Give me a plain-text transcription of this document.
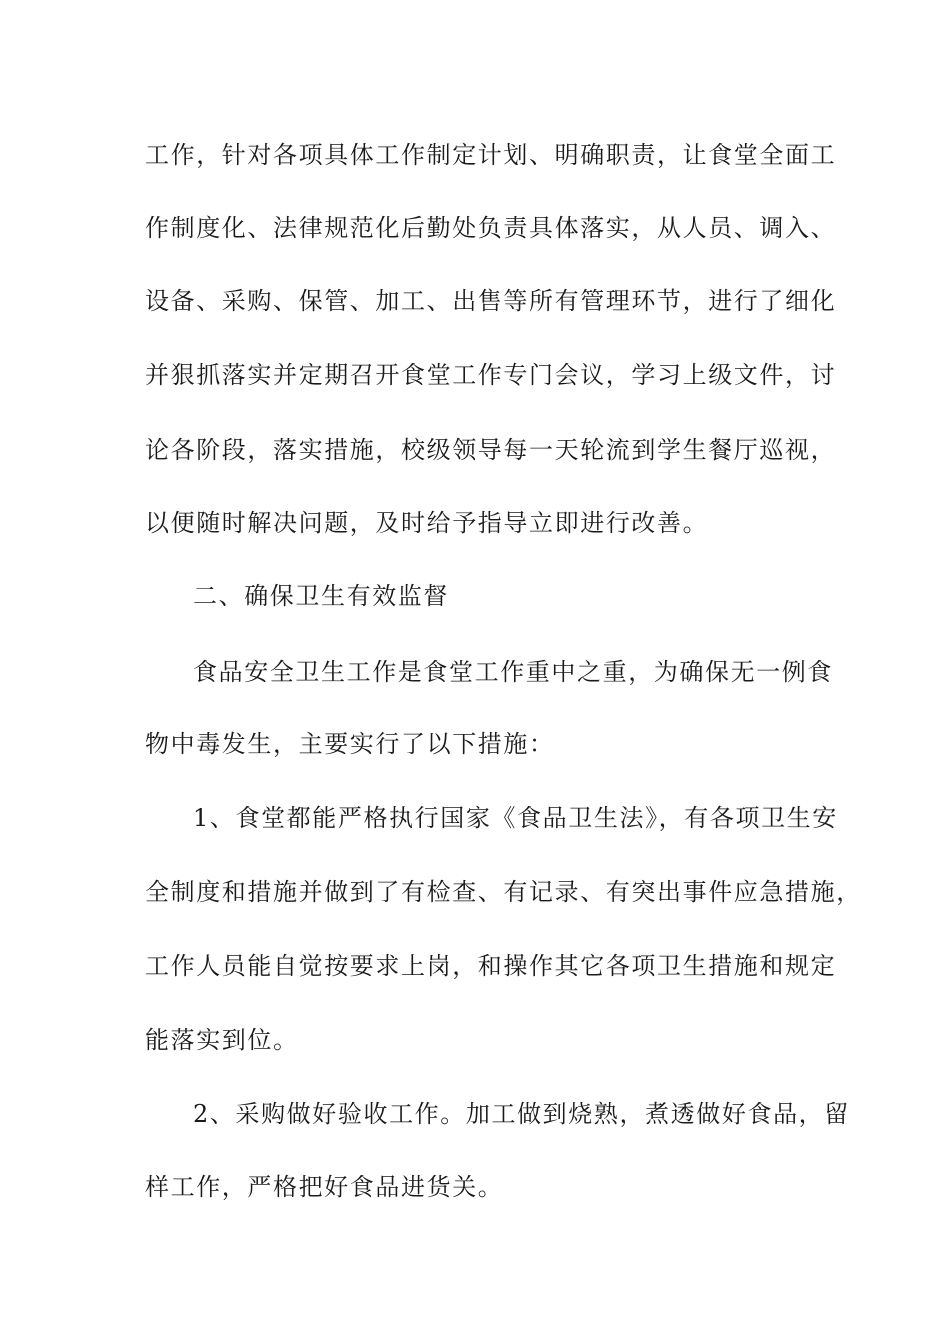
工作，针对各项具体工作制定计划、明确职责，让食堂全面工
作制度化、法律规范化后勤处负责具体落实，从人员、调入、
设备、采购、保管、加工、出售等所有管理环节，进行了细化
并狠抓落实并定期召开食堂工作专门会议，学习上级文件，讨
论各阶段，落实措施，校级领导每一天轮流到学生餐厅巡视，
以便随时解决问题，及时给予指导立即进行改善。
二、确保卫生有效监督
食品安全卫生工作是食堂工作重中之重，为确保无一例食
物中毒发生，主要实行了以下措施：
1、食堂都能严格执行国家《食品卫生法》，有各项卫生安
全制度和措施并做到了有检查、有记录、有突出事件应急措施，
工作人员能自觉按要求上岗，和操作其它各项卫生措施和规定
能落实到位。
2、采购做好验收工作。加工做到烧熟，煮透做好食品，留
样工作，严格把好食品进货关。
